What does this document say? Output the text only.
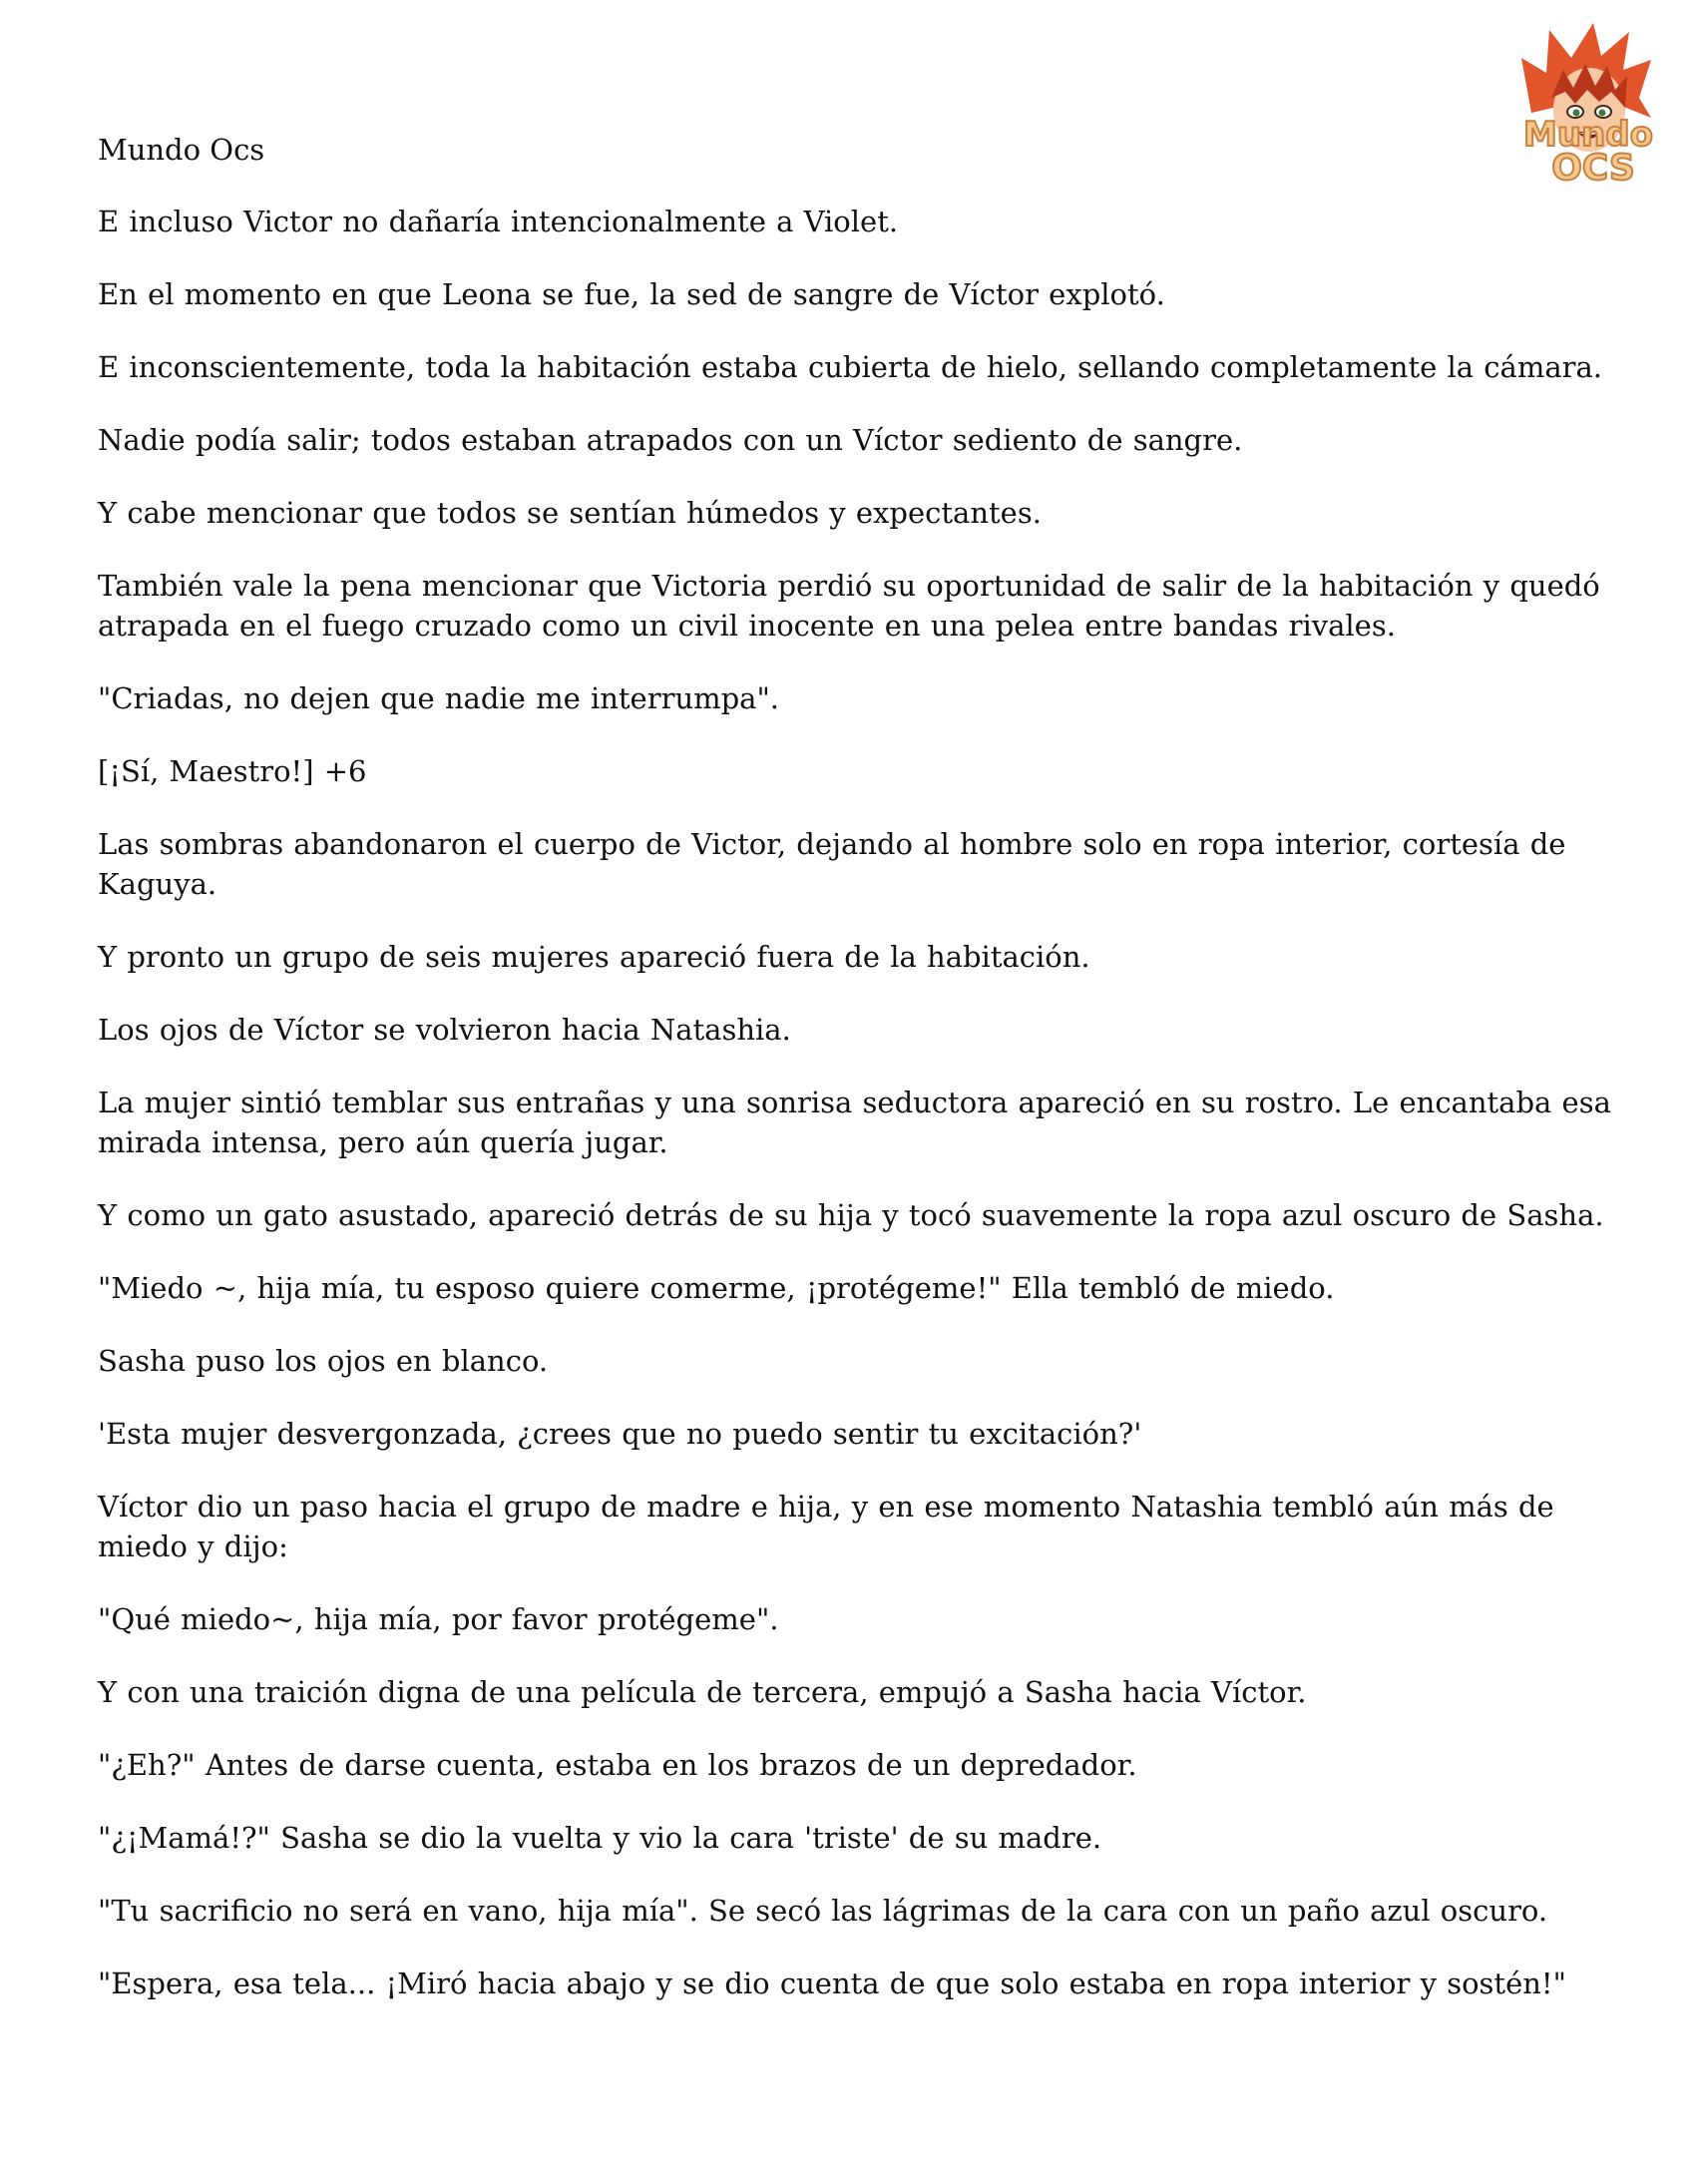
Mundo
OCS
Mundo Ocs

E incluso Victor no dañaría intencionalmente a Violet.

En el momento en que Leona se fue, la sed de sangre de Víctor explotó.

E inconscientemente, toda la habitación estaba cubierta de hielo, sellando completamente la cámara.

Nadie podía salir; todos estaban atrapados con un Víctor sediento de sangre.

Y cabe mencionar que todos se sentían húmedos y expectantes.

También vale la pena mencionar que Victoria perdió su oportunidad de salir de la habitación y quedó atrapada en el fuego cruzado como un civil inocente en una pelea entre bandas rivales.

"Criadas, no dejen que nadie me interrumpa".

[¡Sí, Maestro!] +6

Las sombras abandonaron el cuerpo de Victor, dejando al hombre solo en ropa interior, cortesía de Kaguya.

Y pronto un grupo de seis mujeres apareció fuera de la habitación.

Los ojos de Víctor se volvieron hacia Natashia.

La mujer sintió temblar sus entrañas y una sonrisa seductora apareció en su rostro. Le encantaba esa mirada intensa, pero aún quería jugar.

Y como un gato asustado, apareció detrás de su hija y tocó suavemente la ropa azul oscuro de Sasha.

"Miedo ~, hija mía, tu esposo quiere comerme, ¡protégeme!" Ella tembló de miedo.

Sasha puso los ojos en blanco.

'Esta mujer desvergonzada, ¿crees que no puedo sentir tu excitación?'

Víctor dio un paso hacia el grupo de madre e hija, y en ese momento Natashia tembló aún más de miedo y dijo:

"Qué miedo~, hija mía, por favor protégeme".

Y con una traición digna de una película de tercera, empujó a Sasha hacia Víctor.

"¿Eh?" Antes de darse cuenta, estaba en los brazos de un depredador.

"¿¡Mamá!?" Sasha se dio la vuelta y vio la cara 'triste' de su madre.

"Tu sacrificio no será en vano, hija mía". Se secó las lágrimas de la cara con un paño azul oscuro.

"Espera, esa tela... ¡Miró hacia abajo y se dio cuenta de que solo estaba en ropa interior y sostén!"
